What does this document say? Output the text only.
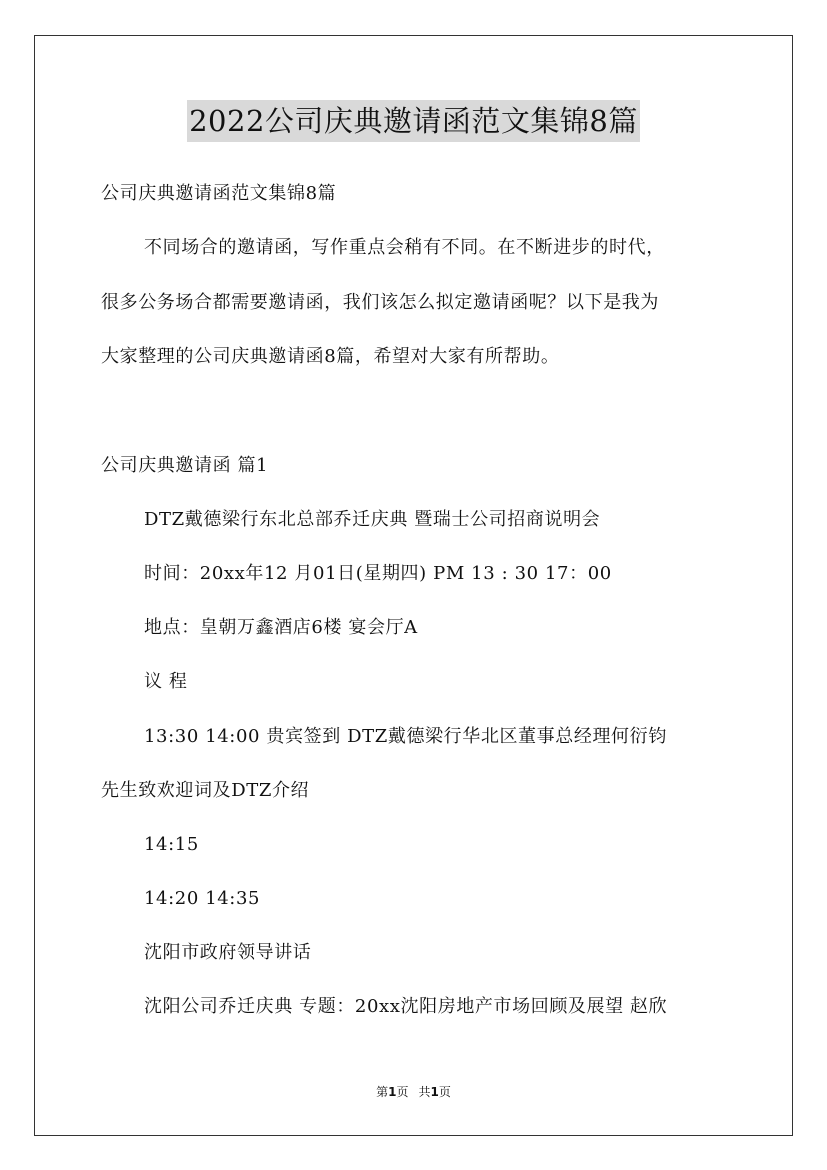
2022公司庆典邀请函范文集锦8篇
公司庆典邀请函范文集锦8篇
不同场合的邀请函，写作重点会稍有不同。在不断进步的时代，
很多公务场合都需要邀请函，我们该怎么拟定邀请函呢？以下是我为
大家整理的公司庆典邀请函8篇，希望对大家有所帮助。
公司庆典邀请函 篇1
DTZ戴德梁行东北总部乔迁庆典 暨瑞士公司招商说明会
时间：20xx年12 月01日(星期四) PM 13 : 30 17：00
地点：皇朝万鑫酒店6楼 宴会厅A
议 程
13:30 14:00 贵宾签到 DTZ戴德梁行华北区董事总经理何衍钧
先生致欢迎词及DTZ介绍
14:15
14:20 14:35
沈阳市政府领导讲话
沈阳公司乔迁庆典 专题：20xx沈阳房地产市场回顾及展望 赵欣
第1页 共1页
